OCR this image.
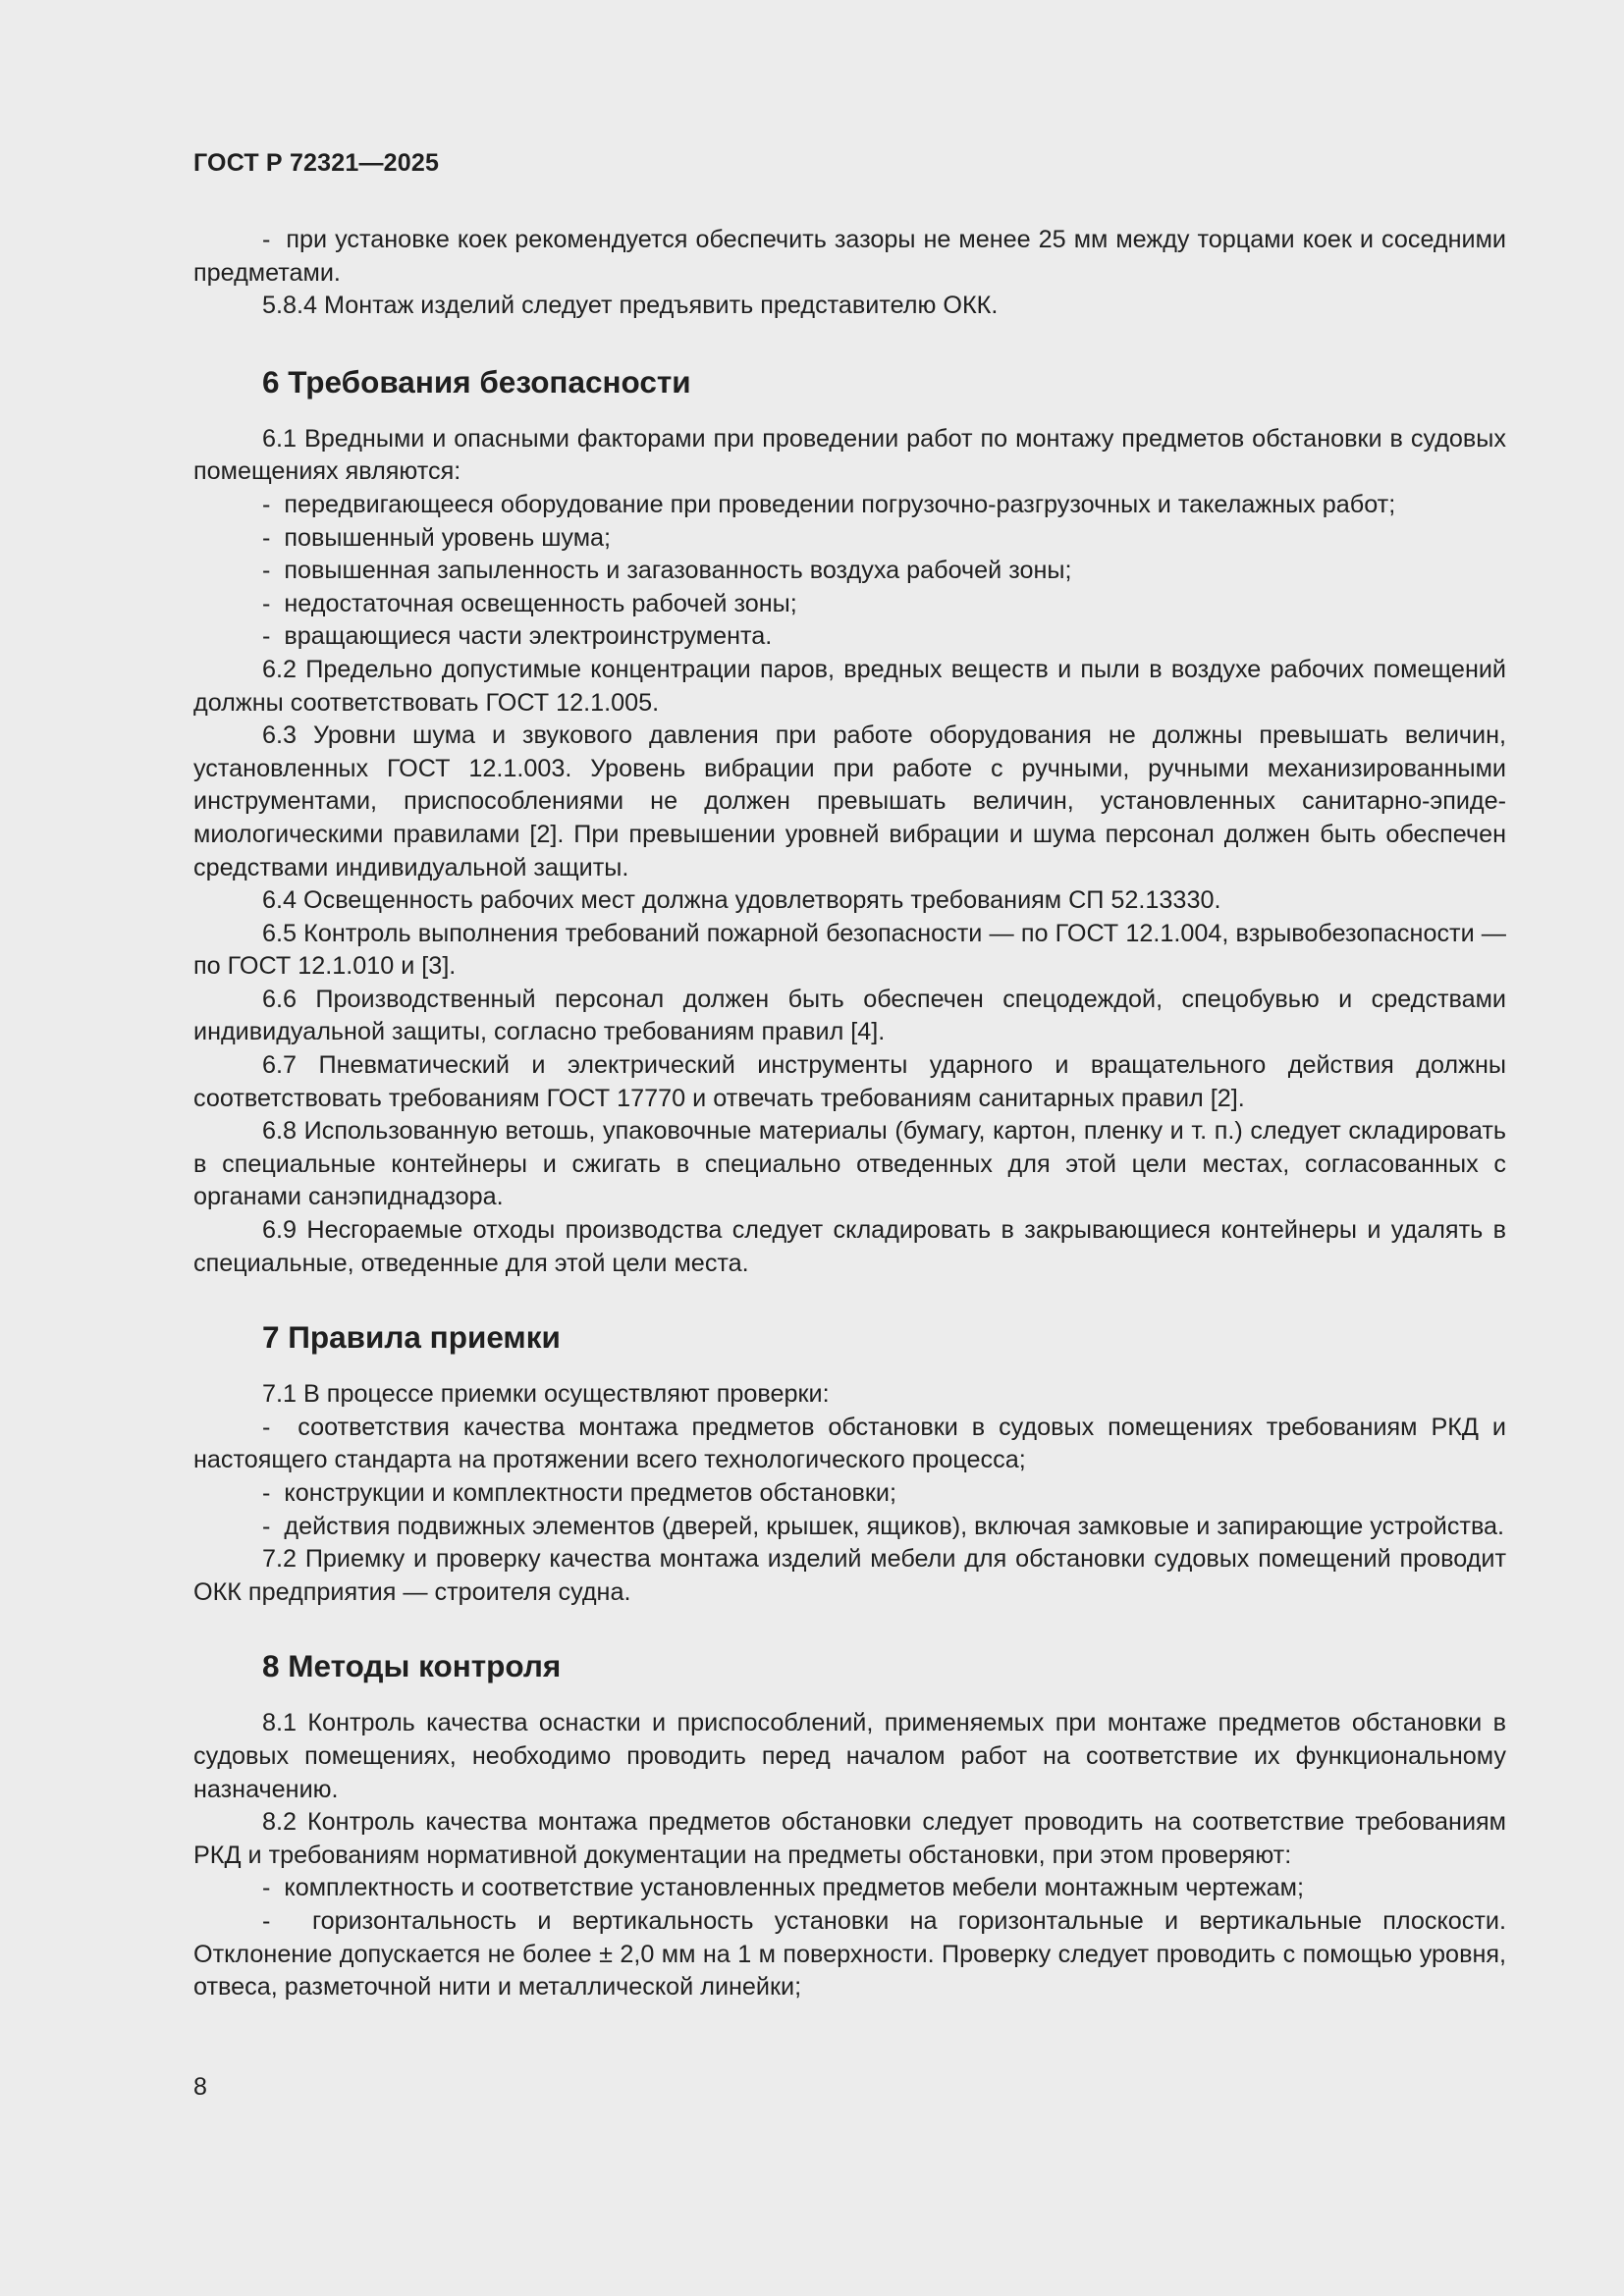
ГОСТ Р 72321—2025

-  при установке коек рекомендуется обеспечить зазоры не менее 25 мм между торцами коек и соседними предметами.

5.8.4 Монтаж изделий следует предъявить представителю ОКК.

6 Требования безопасности

6.1 Вредными и опасными факторами при проведении работ по монтажу предметов обстановки в судовых помещениях являются:

-  передвигающееся оборудование при проведении погрузочно-разгрузочных и такелажных работ;

-  повышенный уровень шума;

-  повышенная запыленность и загазованность воздуха рабочей зоны;

-  недостаточная освещенность рабочей зоны;

-  вращающиеся части электроинструмента.

6.2 Предельно допустимые концентрации паров, вредных веществ и пыли в воздухе рабочих помещений должны соответствовать ГОСТ 12.1.005.

6.3 Уровни шума и звукового давления при работе оборудования не должны превышать величин, установленных ГОСТ 12.1.003. Уровень вибрации при работе с ручными, ручными механизированными инструментами, приспособлениями не должен превышать величин, установленных санитарно-эпидемиологическими правилами [2]. При превышении уровней вибрации и шума персонал должен быть обеспечен средствами индивидуальной защиты.

6.4 Освещенность рабочих мест должна удовлетворять требованиям СП 52.13330.

6.5 Контроль выполнения требований пожарной безопасности — по ГОСТ 12.1.004, взрывобезопасности — по ГОСТ 12.1.010 и [3].

6.6 Производственный персонал должен быть обеспечен спецодеждой, спецобувью и средствами индивидуальной защиты, согласно требованиям правил [4].

6.7 Пневматический и электрический инструменты ударного и вращательного действия должны соответствовать требованиям ГОСТ 17770 и отвечать требованиям санитарных правил [2].

6.8 Использованную ветошь, упаковочные материалы (бумагу, картон, пленку и т. п.) следует складировать в специальные контейнеры и сжигать в специально отведенных для этой цели местах, согласованных с органами санэпиднадзора.

6.9 Несгораемые отходы производства следует складировать в закрывающиеся контейнеры и удалять в специальные, отведенные для этой цели места.

7 Правила приемки

7.1 В процессе приемки осуществляют проверки:

-  соответствия качества монтажа предметов обстановки в судовых помещениях требованиям РКД и настоящего стандарта на протяжении всего технологического процесса;

-  конструкции и комплектности предметов обстановки;

-  действия подвижных элементов (дверей, крышек, ящиков), включая замковые и запирающие устройства.

7.2 Приемку и проверку качества монтажа изделий мебели для обстановки судовых помещений проводит ОКК предприятия — строителя судна.

8 Методы контроля

8.1 Контроль качества оснастки и приспособлений, применяемых при монтаже предметов обстановки в судовых помещениях, необходимо проводить перед началом работ на соответствие их функциональному назначению.

8.2 Контроль качества монтажа предметов обстановки следует проводить на соответствие требованиям РКД и требованиям нормативной документации на предметы обстановки, при этом проверяют:

-  комплектность и соответствие установленных предметов мебели монтажным чертежам;

-  горизонтальность и вертикальность установки на горизонтальные и вертикальные плоскости. Отклонение допускается не более ± 2,0 мм на 1 м поверхности. Проверку следует проводить с помощью уровня, отвеса, разметочной нити и металлической линейки;

8
